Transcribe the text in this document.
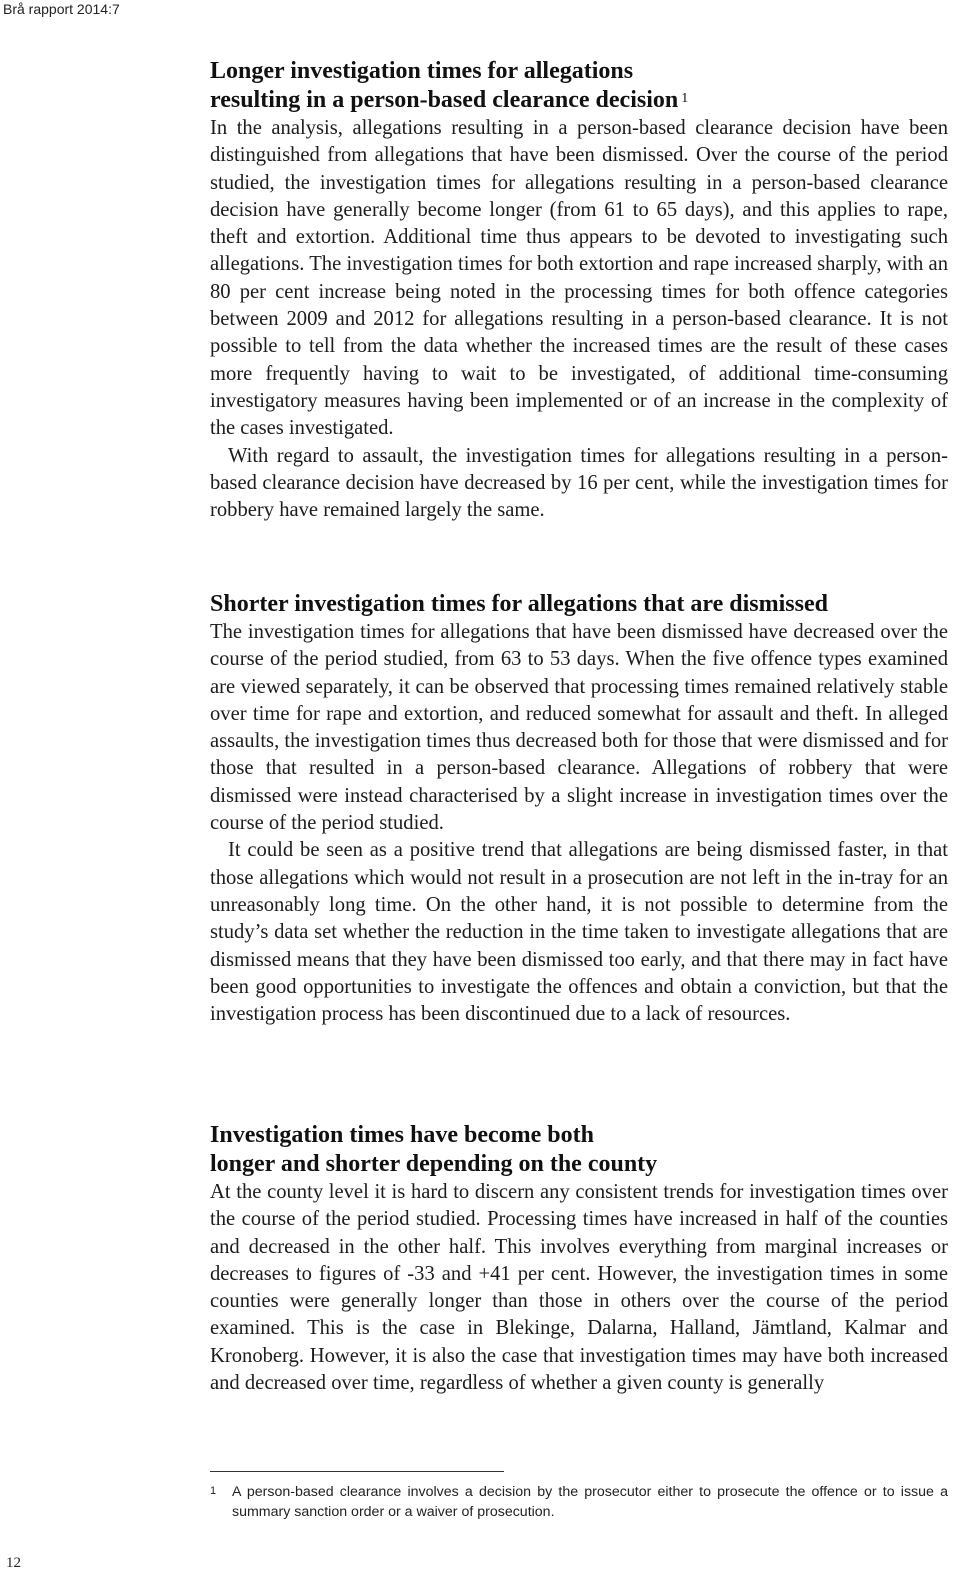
Brå rapport 2014:7
Longer investigation times for allegations
resulting in a person-based clearance decision $^1$

In the analysis, allegations resulting in a person-based clearance decision have been distinguished from allegations that have been dismissed. Over the course of the period studied, the investigation times for allegations resulting in a person-based clearance decision have generally become longer (from 61 to 65 days), and this applies to rape, theft and extortion. Additional time thus appears to be devoted to investigating such allegations. The investigation times for both extortion and rape increased sharply, with an 80 per cent increase being noted in the processing times for both offence categories between 2009 and 2012 for allegations resulting in a person-based clearance. It is not possible to tell from the data whether the increased times are the result of these cases more frequently having to wait to be investigated, of additional time-consuming investigatory measures having been implemented or of an increase in the complexity of the cases investigated.

With regard to assault, the investigation times for allegations resulting in a person-based clearance decision have decreased by 16 per cent, while the investigation times for robbery have remained largely the same.

Shorter investigation times for allegations that are dismissed

The investigation times for allegations that have been dismissed have decreased over the course of the period studied, from 63 to 53 days. When the five offence types examined are viewed separately, it can be observed that processing times remained relatively stable over time for rape and extortion, and reduced somewhat for assault and theft. In alleged assaults, the investigation times thus decreased both for those that were dismissed and for those that resulted in a person-based clearance. Allegations of robbery that were dismissed were instead characterised by a slight increase in investigation times over the course of the period studied.

It could be seen as a positive trend that allegations are being dismissed faster, in that those allegations which would not result in a prosecution are not left in the in-tray for an unreasonably long time. On the other hand, it is not possible to determine from the study’s data set whether the reduction in the time taken to investigate allegations that are dismissed means that they have been dismissed too early, and that there may in fact have been good opportunities to investigate the offences and obtain a conviction, but that the investigation process has been discontinued due to a lack of resources.

Investigation times have become both
longer and shorter depending on the county

At the county level it is hard to discern any consistent trends for investigation times over the course of the period studied. Processing times have increased in half of the counties and decreased in the other half. This involves everything from marginal increases or decreases to figures of -33 and +41 per cent. However, the investigation times in some counties were generally longer than those in others over the course of the period examined. This is the case in Blekinge, Dalarna, Halland, Jämtland, Kalmar and Kronoberg. However, it is also the case that investigation times may have both increased and decreased over time, regardless of whether a given county is generally

1 A person-based clearance involves a decision by the prosecutor either to prosecute the offence or to issue a summary sanction order or a waiver of prosecution.
12
